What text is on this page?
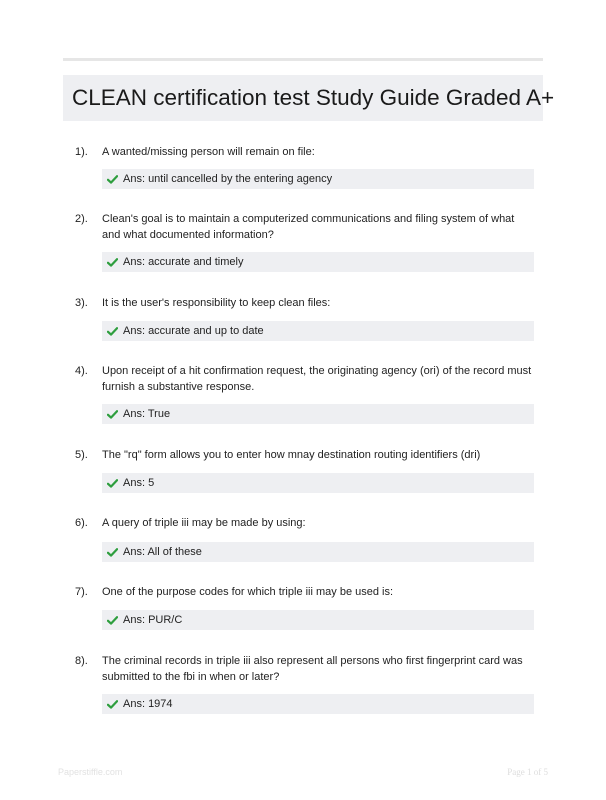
CLEAN certification test Study Guide Graded A+
1). A wanted/missing person will remain on file:
Ans: until cancelled by the entering agency
2). Clean's goal is to maintain a computerized communications and filing system of what and what documented information?
Ans: accurate and timely
3). It is the user's responsibility to keep clean files:
Ans: accurate and up to date
4). Upon receipt of a hit confirmation request, the originating agency (ori) of the record must furnish a substantive response.
Ans: True
5). The "rq" form allows you to enter how mnay destination routing identifiers (dri)
Ans: 5
6). A query of triple iii may be made by using:
Ans: All of these
7). One of the purpose codes for which triple iii may be used is:
Ans: PUR/C
8). The criminal records in triple iii also represent all persons who first fingerprint card was submitted to the fbi in when or later?
Ans: 1974
Paperstiffle.com	Page 1 of 5
